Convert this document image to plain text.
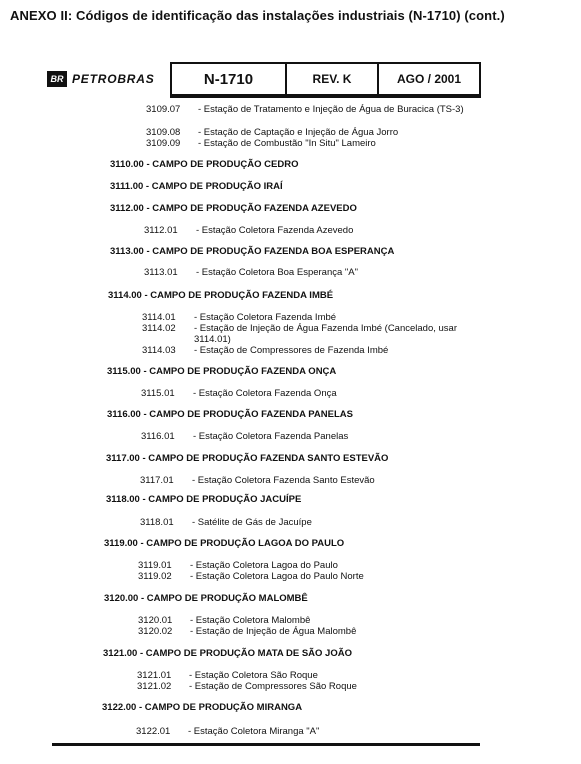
ANEXO II: Códigos de identificação das instalações industriais (N-1710) (cont.)
BR PETROBRAS	N-1710	REV. K	AGO / 2001
3109.07 - Estação de Tratamento e Injeção de Água de Buracica (TS-3)
3109.08 - Estação de Captação e Injeção de Água Jorro
3109.09 - Estação de Combustão "In Situ" Lameiro
3110.00 - CAMPO DE PRODUÇÃO CEDRO
3111.00 - CAMPO DE PRODUÇÃO IRAÍ
3112.00 - CAMPO DE PRODUÇÃO FAZENDA AZEVEDO
3112.01 - Estação Coletora Fazenda Azevedo
3113.00 - CAMPO DE PRODUÇÃO FAZENDA BOA ESPERANÇA
3113.01 - Estação Coletora Boa Esperança "A"
3114.00 - CAMPO DE PRODUÇÃO FAZENDA IMBÉ
3114.01 - Estação Coletora Fazenda Imbé
3114.02 - Estação de Injeção de Água Fazenda Imbé (Cancelado, usar 3114.01)
3114.03 - Estação de Compressores de Fazenda Imbé
3115.00 - CAMPO DE PRODUÇÃO FAZENDA ONÇA
3115.01 - Estação Coletora Fazenda Onça
3116.00 - CAMPO DE PRODUÇÃO FAZENDA PANELAS
3116.01 - Estação Coletora Fazenda Panelas
3117.00 - CAMPO DE PRODUÇÃO FAZENDA SANTO ESTEVÃO
3117.01 - Estação Coletora Fazenda Santo Estevão
3118.00 - CAMPO DE PRODUÇÃO JACUÍPE
3118.01 - Satélite de Gás de Jacuípe
3119.00 - CAMPO DE PRODUÇÃO LAGOA DO PAULO
3119.01 - Estação Coletora Lagoa do Paulo
3119.02 - Estação Coletora Lagoa do Paulo Norte
3120.00 - CAMPO DE PRODUÇÃO MALOMBÊ
3120.01 - Estação Coletora Malombê
3120.02 - Estação de Injeção de Água Malombê
3121.00 - CAMPO DE PRODUÇÃO MATA DE SÃO JOÃO
3121.01 - Estação Coletora São Roque
3121.02 - Estação de Compressores São Roque
3122.00 - CAMPO DE PRODUÇÃO MIRANGA
3122.01 - Estação Coletora Miranga "A"
